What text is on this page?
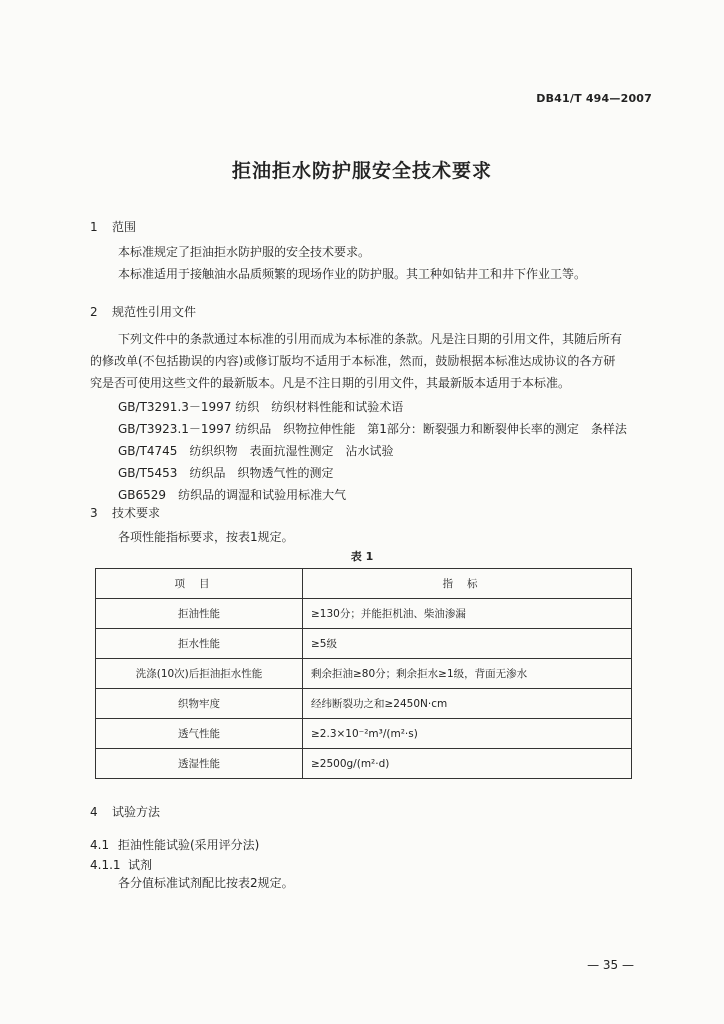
DB41/T 494—2007
拒油拒水防护服安全技术要求
1 范围
本标准规定了拒油拒水防护服的安全技术要求。
本标准适用于接触油水品质频繁的现场作业的防护服。其工种如钻井工和井下作业工等。
2 规范性引用文件
下列文件中的条款通过本标准的引用而成为本标准的条款。凡是注日期的引用文件，其随后所有
的修改单(不包括勘误的内容)或修订版均不适用于本标准，然而，鼓励根据本标准达成协议的各方研
究是否可使用这些文件的最新版本。凡是不注日期的引用文件，其最新版本适用于本标准。
GB/T3291.3－1997 纺织　纺织材料性能和试验术语
GB/T3923.1－1997 纺织品　织物拉伸性能　第1部分：断裂强力和断裂伸长率的测定　条样法
GB/T4745　纺织织物　表面抗湿性测定　沾水试验
GB/T5453　纺织品　织物透气性的测定
GB6529　纺织品的调湿和试验用标准大气
3 技术要求
各项性能指标要求，按表1规定。
表 1
项目	指标
拒油性能	≥130分；并能拒机油、柴油渗漏
拒水性能	≥5级
洗涤(10次)后拒油拒水性能	剩余拒油≥80分；剩余拒水≥1级，背面无渗水
织物牢度	经纬断裂功之和≥2450N·cm
透气性能	≥2.3×10⁻²m³/(m²·s)
透湿性能	≥2500g/(m²·d)
4 试验方法
4.1 拒油性能试验(采用评分法)
4.1.1 试剂
各分值标准试剂配比按表2规定。
— 35 —
